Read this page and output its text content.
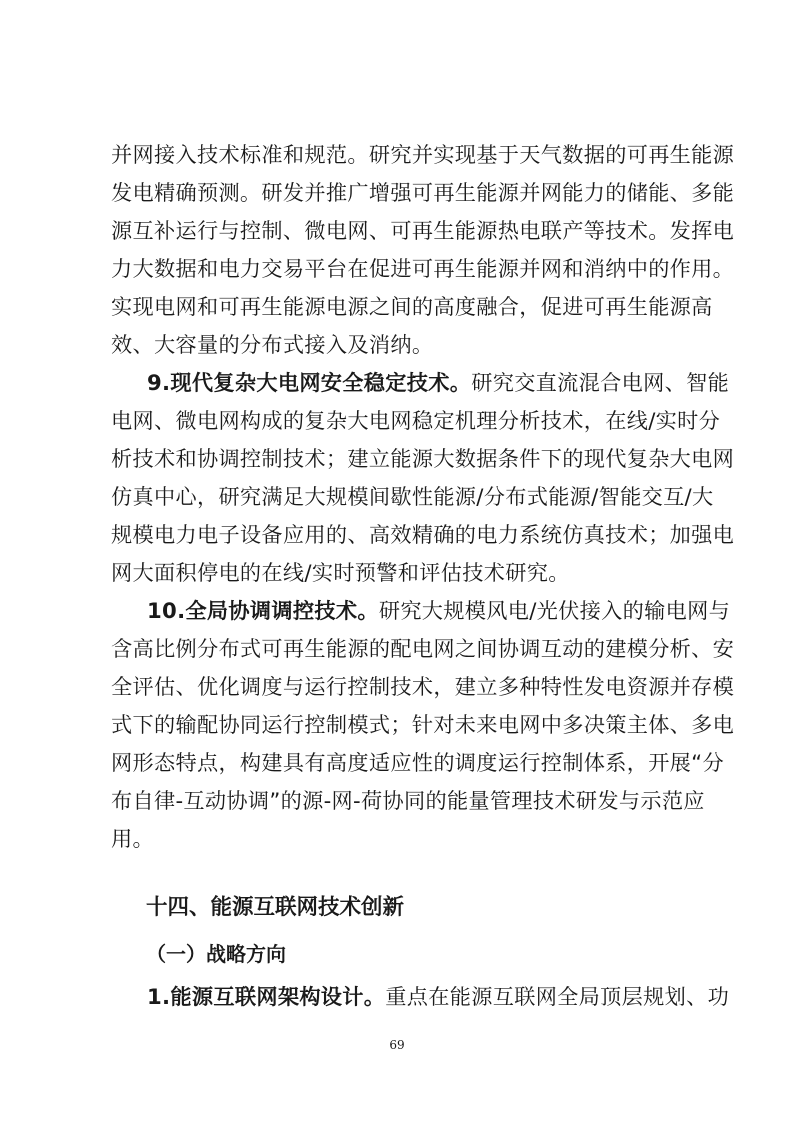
并网接入技术标准和规范。研究并实现基于天气数据的可再生能源
发电精确预测。研发并推广增强可再生能源并网能力的储能、多能
源互补运行与控制、微电网、可再生能源热电联产等技术。发挥电
力大数据和电力交易平台在促进可再生能源并网和消纳中的作用。
实现电网和可再生能源电源之间的高度融合，促进可再生能源高
效、大容量的分布式接入及消纳。
9.现代复杂大电网安全稳定技术。研究交直流混合电网、智能
电网、微电网构成的复杂大电网稳定机理分析技术，在线/实时分
析技术和协调控制技术；建立能源大数据条件下的现代复杂大电网
仿真中心，研究满足大规模间歇性能源/分布式能源/智能交互/大
规模电力电子设备应用的、高效精确的电力系统仿真技术；加强电
网大面积停电的在线/实时预警和评估技术研究。
10.全局协调调控技术。研究大规模风电/光伏接入的输电网与
含高比例分布式可再生能源的配电网之间协调互动的建模分析、安
全评估、优化调度与运行控制技术，建立多种特性发电资源并存模
式下的输配协同运行控制模式；针对未来电网中多决策主体、多电
网形态特点，构建具有高度适应性的调度运行控制体系，开展“分
布自律-互动协调”的源-网-荷协同的能量管理技术研发与示范应
用。
十四、能源互联网技术创新
（一）战略方向
1.能源互联网架构设计。重点在能源互联网全局顶层规划、功
69
